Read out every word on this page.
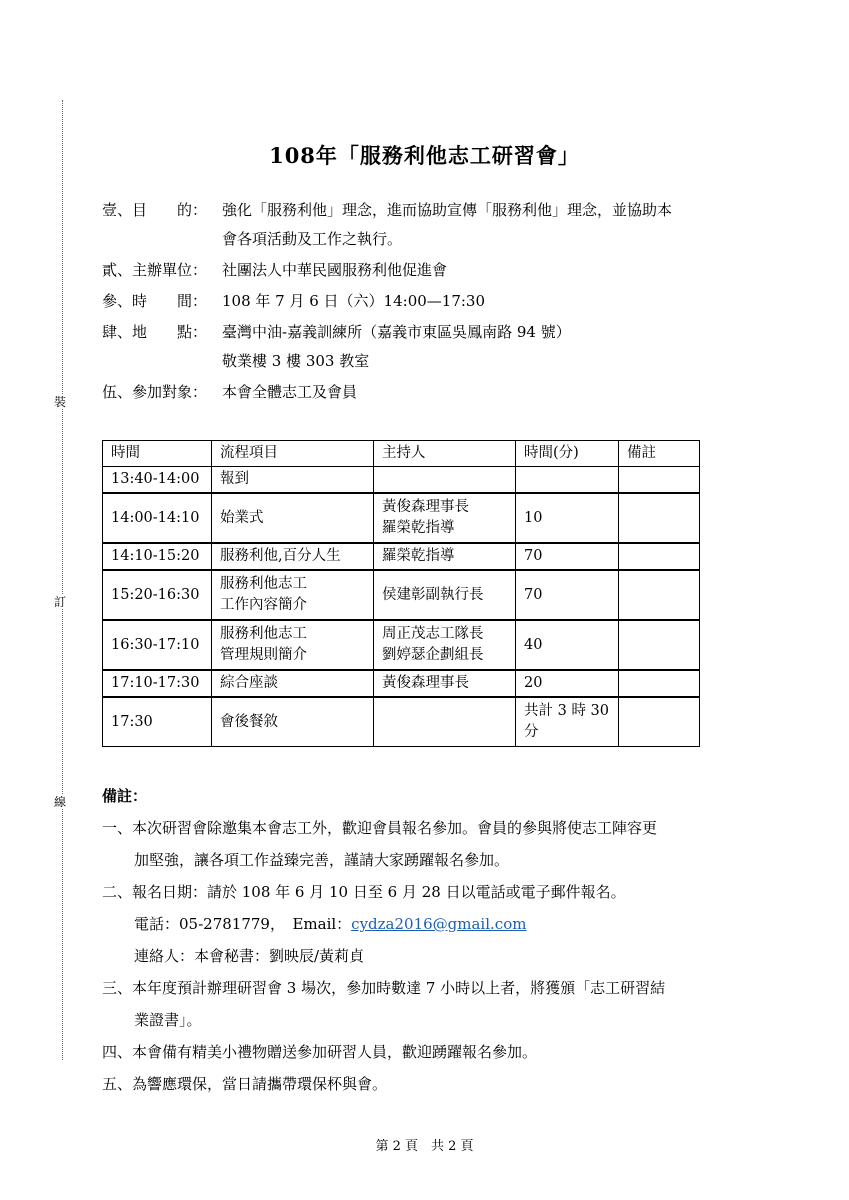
裝
訂
線
108年「服務利他志工研習會」
壹、目　　的： 強化「服務利他」理念，進而協助宣傳「服務利他」理念，並協助本
會各項活動及工作之執行。
貳、主辦單位： 社團法人中華民國服務利他促進會
參、時　　間： 108 年 7 月 6 日（六）14:00—17:30
肆、地　　點： 臺灣中油-嘉義訓練所（嘉義市東區吳鳳南路 94 號）
敬業樓 3 樓 303 教室
伍、參加對象： 本會全體志工及會員
時間	流程項目	主持人	時間(分)	備註
13:40-14:00	報到			
14:00-14:10	始業式	黃俊森理事長
羅榮乾指導	10	
14:10-15:20	服務利他,百分人生	羅榮乾指導	70	
15:20-16:30	服務利他志工
工作內容簡介	侯建彰副執行長	70	
16:30-17:10	服務利他志工
管理規則簡介	周正茂志工隊長
劉婷瑟企劃組長	40	
17:10-17:30	綜合座談	黃俊森理事長	20	
17:30	會後餐敘		共計 3 時 30
分	
備註：
一、本次研習會除邀集本會志工外，歡迎會員報名參加。會員的參與將使志工陣容更
加堅強，讓各項工作益臻完善，謹請大家踴躍報名參加。
二、報名日期：請於 108 年 6 月 10 日至 6 月 28 日以電話或電子郵件報名。
電話：05-2781779，　Email：cydza2016@gmail.com
連絡人：本會秘書：劉映辰/黃莉貞
三、本年度預計辦理研習會 3 場次，參加時數達 7 小時以上者，將獲頒「志工研習結
業證書」。
四、本會備有精美小禮物贈送參加研習人員，歡迎踴躍報名參加。
五、為響應環保，當日請攜帶環保杯與會。
第 2 頁　共 2 頁
